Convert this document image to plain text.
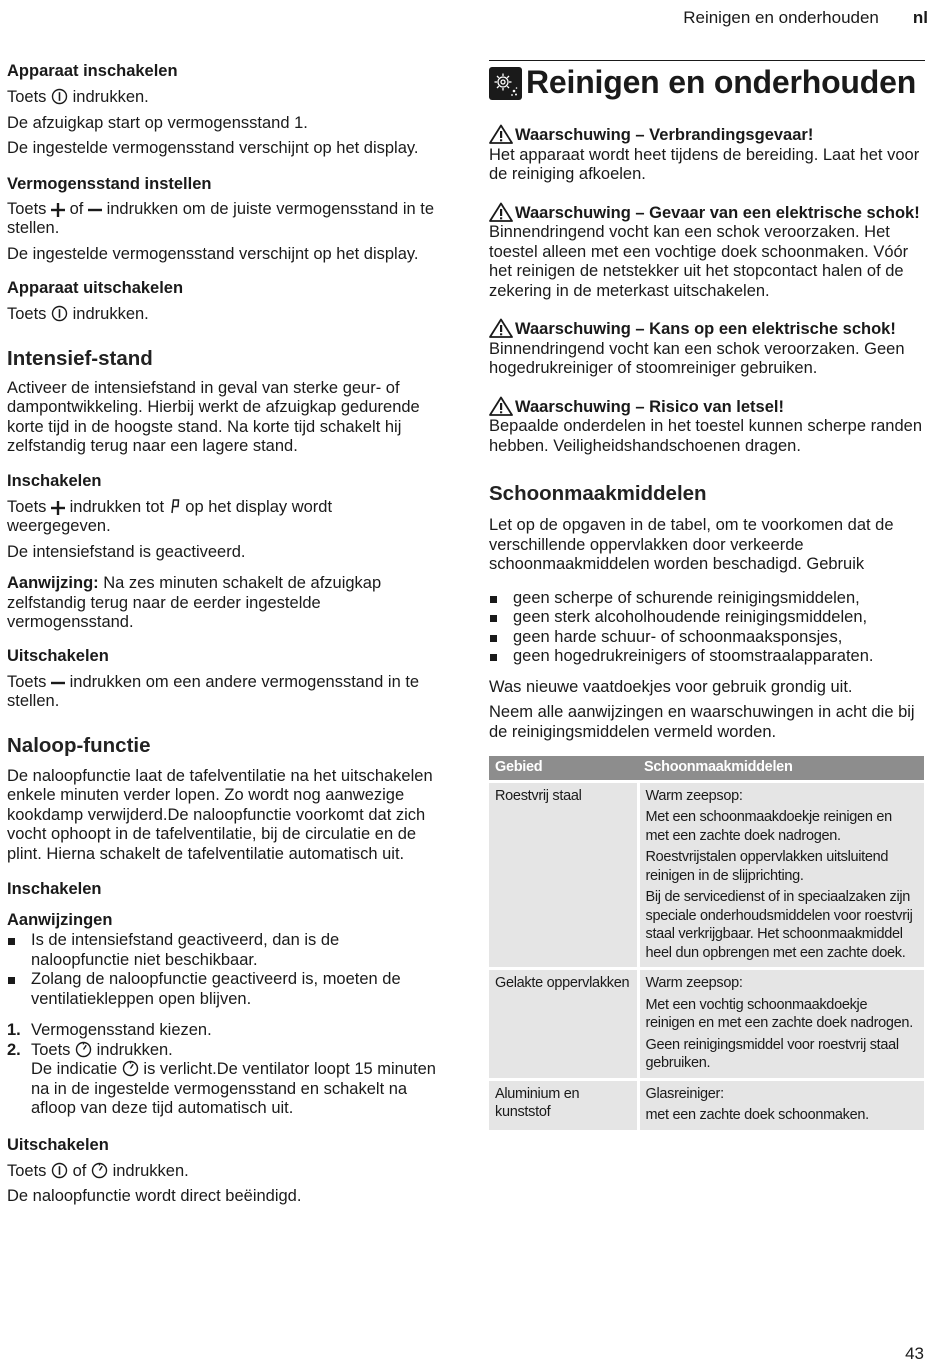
Reinigen en onderhouden nl
Apparaat inschakelen

Toets indrukken.

De afzuigkap start op vermogensstand 1.

De ingestelde vermogensstand verschijnt op het display.

Vermogensstand instellen

Toets of indrukken om de juiste vermogensstand in te stellen.

De ingestelde vermogensstand verschijnt op het display.

Apparaat uitschakelen

Toets indrukken.

Intensief-stand

Activeer de intensiefstand in geval van sterke geur- of dampontwikkeling. Hierbij werkt de afzuigkap gedurende korte tijd in de hoogste stand. Na korte tijd schakelt hij zelfstandig terug naar een lagere stand.

Inschakelen

Toets indrukken tot op het display wordt weergegeven.

De intensiefstand is geactiveerd.

Aanwijzing: Na zes minuten schakelt de afzuigkap zelfstandig terug naar de eerder ingestelde vermogensstand.

Uitschakelen

Toets indrukken om een andere vermogensstand in te stellen.

Naloop-functie

De naloopfunctie laat de tafelventilatie na het uitschakelen enkele minuten verder lopen. Zo wordt nog aanwezige kookdamp verwijderd.De naloopfunctie voorkomt dat zich vocht ophoopt in de tafelventilatie, bij de circulatie en de plint. Hierna schakelt de tafelventilatie automatisch uit.

Inschakelen
Aanwijzingen
Is de intensiefstand geactiveerd, dan is de naloopfunctie niet beschikbaar.
Zolang de naloopfunctie geactiveerd is, moeten de ventilatiekleppen open blijven.
1. Vermogensstand kiezen.
2. Toets indrukken.
De indicatie is verlicht.De ventilator loopt 15 minuten na in de ingestelde vermogensstand en schakelt na afloop van deze tijd automatisch uit.
Uitschakelen

Toets of indrukken.

De naloopfunctie wordt direct beëindigd.

Reinigen en onderhouden
Waarschuwing – Verbrandingsgevaar!

Het apparaat wordt heet tijdens de bereiding. Laat het voor de reiniging afkoelen.

Waarschuwing – Gevaar van een elektrische schok!

Binnendringend vocht kan een schok veroorzaken. Het toestel alleen met een vochtige doek schoonmaken. Vóór het reinigen de netstekker uit het stopcontact halen of de zekering in de meterkast uitschakelen.

Waarschuwing – Kans op een elektrische schok!

Binnendringend vocht kan een schok veroorzaken. Geen hogedrukreiniger of stoomreiniger gebruiken.

Waarschuwing – Risico van letsel!

Bepaalde onderdelen in het toestel kunnen scherpe randen hebben. Veiligheidshandschoenen dragen.

Schoonmaakmiddelen

Let op de opgaven in de tabel, om te voorkomen dat de verschillende oppervlakken door verkeerde schoonmaakmiddelen worden beschadigd. Gebruik

geen scherpe of schurende reinigingsmiddelen,
geen sterk alcoholhoudende reinigingsmiddelen,
geen harde schuur- of schoonmaaksponsjes,
geen hogedrukreinigers of stoomstraalapparaten.

Was nieuwe vaatdoekjes voor gebruik grondig uit.

Neem alle aanwijzingen en waarschuwingen in acht die bij de reinigingsmiddelen vermeld worden.

Gebied	Schoonmaakmiddelen
Roestvrij staal	Warm zeepsop:
Met een schoonmaakdoekje reinigen en met een zachte doek nadrogen.
Roestvrijstalen oppervlakken uitsluitend reinigen in de slijprichting.
Bij de servicedienst of in speciaalzaken zijn speciale onderhoudsmiddelen voor roestvrij staal verkrijgbaar. Het schoonmaakmiddel heel dun opbrengen met een zachte doek.

Gelakte oppervlakken	Warm zeepsop:
Met een vochtig schoonmaakdoekje reinigen en met een zachte doek nadrogen.
Geen reinigingsmiddel voor roestvrij staal gebruiken.

Aluminium en kunststof	Glasreiniger:
met een zachte doek schoonmaken.
43
